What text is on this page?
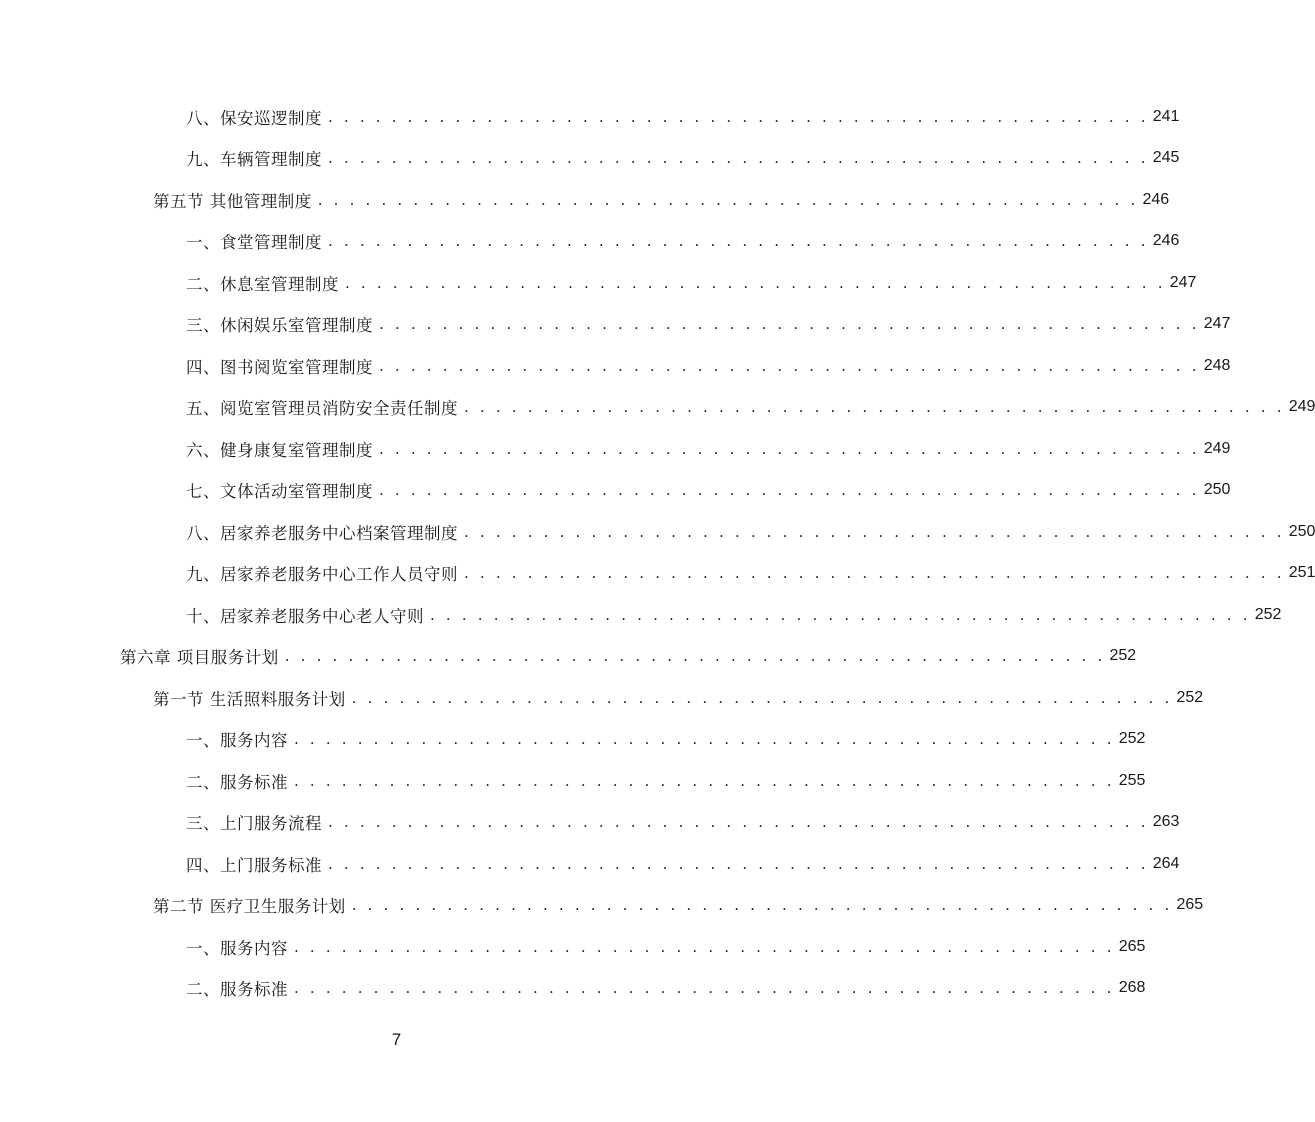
八、保安巡逻制度 . . . . . . . . . . . . . . . . . . . . . . . . . . . . . . . . . . . . . . . . . . . . . . . . . . . . 241
九、车辆管理制度 . . . . . . . . . . . . . . . . . . . . . . . . . . . . . . . . . . . . . . . . . . . . . . . . . . . . 245
第五节 其他管理制度 . . . . . . . . . . . . . . . . . . . . . . . . . . . . . . . . . . . . . . . . . . . . . . . . . . . . 246
一、食堂管理制度 . . . . . . . . . . . . . . . . . . . . . . . . . . . . . . . . . . . . . . . . . . . . . . . . . . . . 246
二、休息室管理制度 . . . . . . . . . . . . . . . . . . . . . . . . . . . . . . . . . . . . . . . . . . . . . . . . . . . . 247
三、休闲娱乐室管理制度 . . . . . . . . . . . . . . . . . . . . . . . . . . . . . . . . . . . . . . . . . . . . . . . . . . . . 247
四、图书阅览室管理制度 . . . . . . . . . . . . . . . . . . . . . . . . . . . . . . . . . . . . . . . . . . . . . . . . . . . . 248
五、阅览室管理员消防安全责任制度 . . . . . . . . . . . . . . . . . . . . . . . . . . . . . . . . . . . . . . . . . . . . . . . . . . . . 249
六、健身康复室管理制度 . . . . . . . . . . . . . . . . . . . . . . . . . . . . . . . . . . . . . . . . . . . . . . . . . . . . 249
七、文体活动室管理制度 . . . . . . . . . . . . . . . . . . . . . . . . . . . . . . . . . . . . . . . . . . . . . . . . . . . . 250
八、居家养老服务中心档案管理制度 . . . . . . . . . . . . . . . . . . . . . . . . . . . . . . . . . . . . . . . . . . . . . . . . . . . . 250
九、居家养老服务中心工作人员守则 . . . . . . . . . . . . . . . . . . . . . . . . . . . . . . . . . . . . . . . . . . . . . . . . . . . . 251
十、居家养老服务中心老人守则 . . . . . . . . . . . . . . . . . . . . . . . . . . . . . . . . . . . . . . . . . . . . . . . . . . . . 252
第六章 项目服务计划 . . . . . . . . . . . . . . . . . . . . . . . . . . . . . . . . . . . . . . . . . . . . . . . . . . . . 252
第一节 生活照料服务计划 . . . . . . . . . . . . . . . . . . . . . . . . . . . . . . . . . . . . . . . . . . . . . . . . . . . . 252
一、服务内容 . . . . . . . . . . . . . . . . . . . . . . . . . . . . . . . . . . . . . . . . . . . . . . . . . . . . 252
二、服务标准 . . . . . . . . . . . . . . . . . . . . . . . . . . . . . . . . . . . . . . . . . . . . . . . . . . . . 255
三、上门服务流程 . . . . . . . . . . . . . . . . . . . . . . . . . . . . . . . . . . . . . . . . . . . . . . . . . . . . 263
四、上门服务标准 . . . . . . . . . . . . . . . . . . . . . . . . . . . . . . . . . . . . . . . . . . . . . . . . . . . . 264
第二节 医疗卫生服务计划 . . . . . . . . . . . . . . . . . . . . . . . . . . . . . . . . . . . . . . . . . . . . . . . . . . . . 265
一、服务内容 . . . . . . . . . . . . . . . . . . . . . . . . . . . . . . . . . . . . . . . . . . . . . . . . . . . . 265
二、服务标准 . . . . . . . . . . . . . . . . . . . . . . . . . . . . . . . . . . . . . . . . . . . . . . . . . . . . 268
7
